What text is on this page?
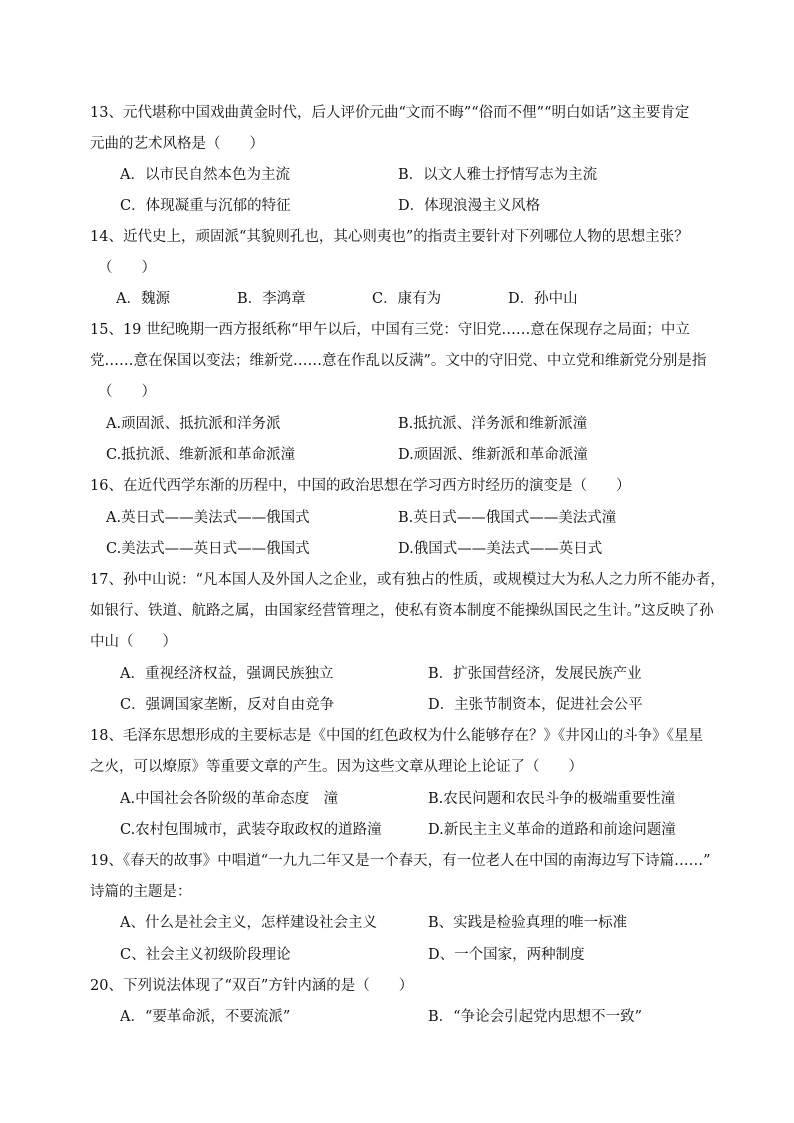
13、元代堪称中国戏曲黄金时代，后人评价元曲“文而不晦”“俗而不俚”“明白如话”这主要肯定
元曲的艺术风格是（　　）
A．以市民自然本色为主流	B．以文人雅士抒情写志为主流
C．体现凝重与沉郁的特征	D．体现浪漫主义风格
14、近代史上，顽固派“其貌则孔也，其心则夷也”的指责主要针对下列哪位人物的思想主张？
（　　）
A．魏源	B．李鸿章	C．康有为	D．孙中山
15、19 世纪晚期一西方报纸称“甲午以后，中国有三党：守旧党……意在保现存之局面；中立
党……意在保国以变法；维新党……意在作乱以反满”。文中的守旧党、中立党和维新党分别是指
（　　）
A.顽固派、抵抗派和洋务派	B.抵抗派、洋务派和维新派潼
C.抵抗派、维新派和革命派潼	D.顽固派、维新派和革命派潼
16、在近代西学东渐的历程中，中国的政治思想在学习西方时经历的演变是（　　）
A.英日式——美法式——俄国式	B.英日式——俄国式——美法式潼
C.美法式——英日式——俄国式	D.俄国式——美法式——英日式
17、孙中山说：“凡本国人及外国人之企业，或有独占的性质，或规模过大为私人之力所不能办者，
如银行、铁道、航路之属，由国家经营管理之，使私有资本制度不能操纵国民之生计。”这反映了孙
中山（　　）
A．重视经济权益，强调民族独立	B．扩张国营经济，发展民族产业
C．强调国家垄断，反对自由竞争	D．主张节制资本，促进社会公平
18、毛泽东思想形成的主要标志是《中国的红色政权为什么能够存在？》《井冈山的斗争》《星星
之火，可以燎原》等重要文章的产生。因为这些文章从理论上论证了（　　）
A.中国社会各阶级的革命态度　潼	B.农民问题和农民斗争的极端重要性潼
C.农村包围城市，武装夺取政权的道路潼	D.新民主主义革命的道路和前途问题潼
19、《春天的故事》中唱道“一九九二年又是一个春天，有一位老人在中国的南海边写下诗篇……”
诗篇的主题是：
A、什么是社会主义，怎样建设社会主义	B、实践是检验真理的唯一标准
C、社会主义初级阶段理论	D、一个国家，两种制度
20、下列说法体现了“双百”方针内涵的是（　　）
A．“要革命派，不要流派”	B．“争论会引起党内思想不一致”
